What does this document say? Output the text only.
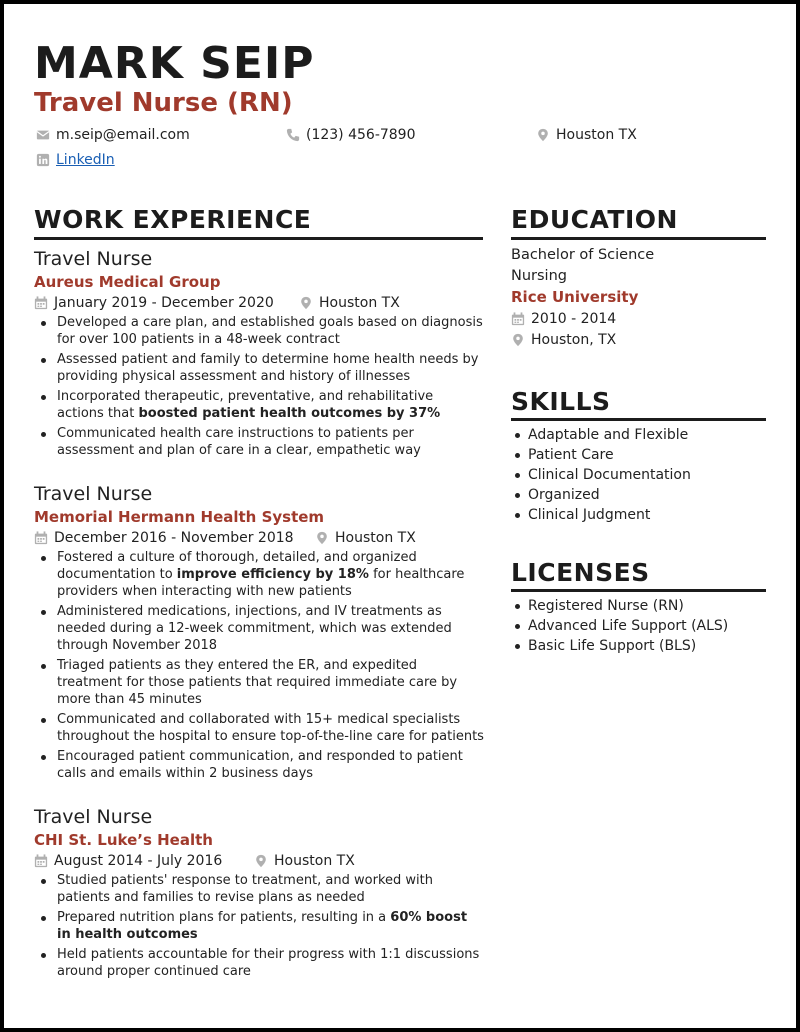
MARK SEIP
Travel Nurse (RN)
m.seip@email.com	(123) 456-7890	Houston TX
LinkedIn
WORK EXPERIENCE
Travel Nurse
Aureus Medical Group
January 2019 - December 2020	Houston TX
Developed a care plan, and established goals based on diagnosis for over 100 patients in a 48-week contract
Assessed patient and family to determine home health needs by providing physical assessment and history of illnesses
Incorporated therapeutic, preventative, and rehabilitative actions that boosted patient health outcomes by 37%
Communicated health care instructions to patients per assessment and plan of care in a clear, empathetic way
Travel Nurse
Memorial Hermann Health System
December 2016 - November 2018	Houston TX
Fostered a culture of thorough, detailed, and organized documentation to improve efficiency by 18% for healthcare providers when interacting with new patients
Administered medications, injections, and IV treatments as needed during a 12-week commitment, which was extended through November 2018
Triaged patients as they entered the ER, and expedited treatment for those patients that required immediate care by more than 45 minutes
Communicated and collaborated with 15+ medical specialists throughout the hospital to ensure top-of-the-line care for patients
Encouraged patient communication, and responded to patient calls and emails within 2 business days
Travel Nurse
CHI St. Luke’s Health
August 2014 - July 2016	Houston TX
Studied patients' response to treatment, and worked with patients and families to revise plans as needed
Prepared nutrition plans for patients, resulting in a 60% boost in health outcomes
Held patients accountable for their progress with 1:1 discussions around proper continued care
EDUCATION
Bachelor of Science
Nursing
Rice University
2010 - 2014
Houston, TX
SKILLS
Adaptable and Flexible
Patient Care
Clinical Documentation
Organized
Clinical Judgment
LICENSES
Registered Nurse (RN)
Advanced Life Support (ALS)
Basic Life Support (BLS)
